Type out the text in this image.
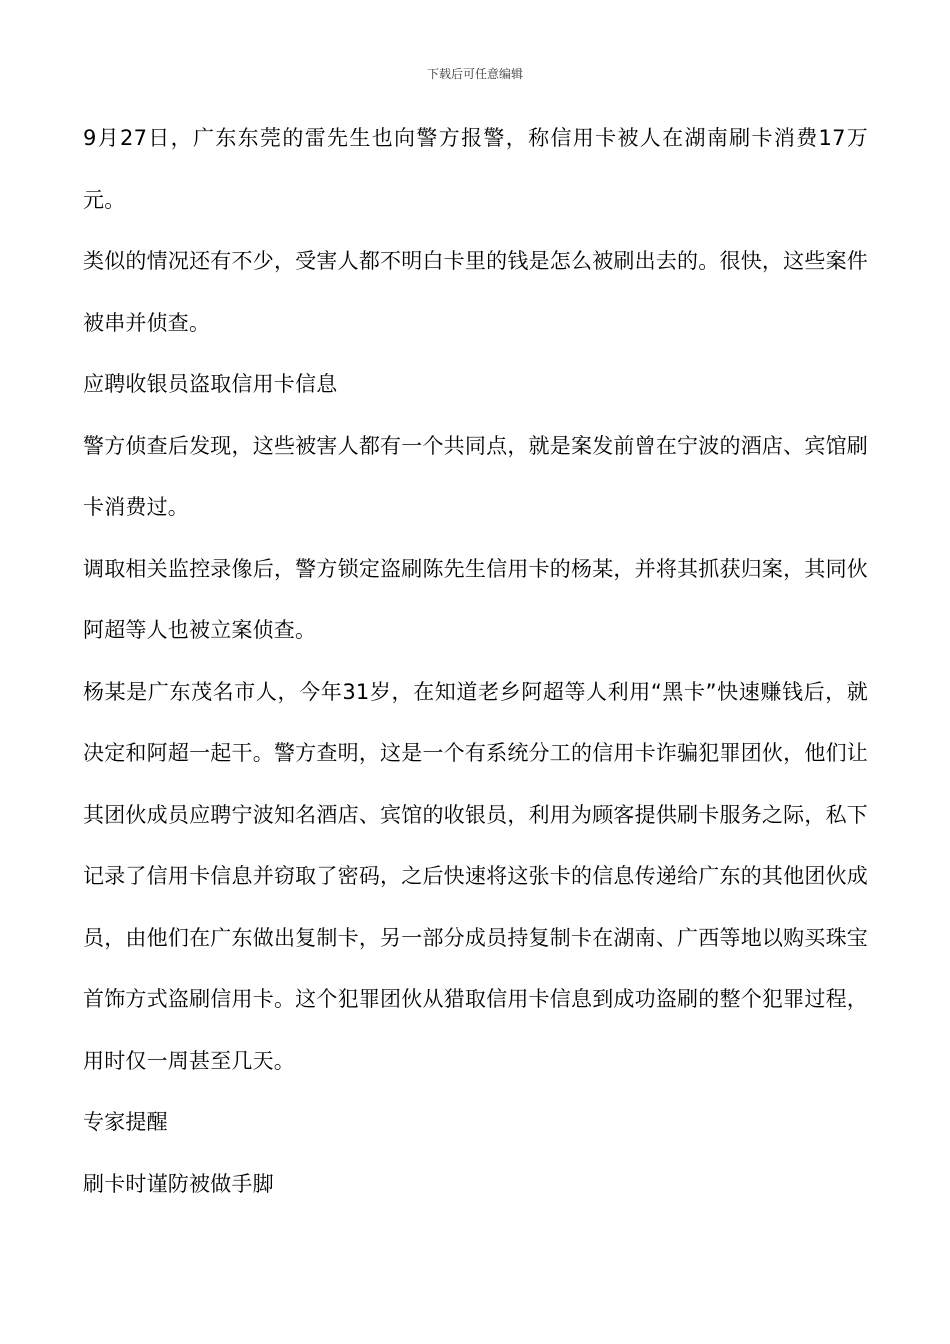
下载后可任意编辑

9月27日，广东东莞的雷先生也向警方报警，称信用卡被人在湖南刷卡消费17万元。

类似的情况还有不少，受害人都不明白卡里的钱是怎么被刷出去的。很快，这些案件被串并侦查。

应聘收银员盗取信用卡信息

警方侦查后发现，这些被害人都有一个共同点，就是案发前曾在宁波的酒店、宾馆刷卡消费过。

调取相关监控录像后，警方锁定盗刷陈先生信用卡的杨某，并将其抓获归案，其同伙阿超等人也被立案侦查。

杨某是广东茂名市人，今年31岁，在知道老乡阿超等人利用“黑卡”快速赚钱后，就决定和阿超一起干。警方查明，这是一个有系统分工的信用卡诈骗犯罪团伙，他们让其团伙成员应聘宁波知名酒店、宾馆的收银员，利用为顾客提供刷卡服务之际，私下记录了信用卡信息并窃取了密码，之后快速将这张卡的信息传递给广东的其他团伙成员，由他们在广东做出复制卡，另一部分成员持复制卡在湖南、广西等地以购买珠宝首饰方式盗刷信用卡。这个犯罪团伙从猎取信用卡信息到成功盗刷的整个犯罪过程，用时仅一周甚至几天。

专家提醒

刷卡时谨防被做手脚
